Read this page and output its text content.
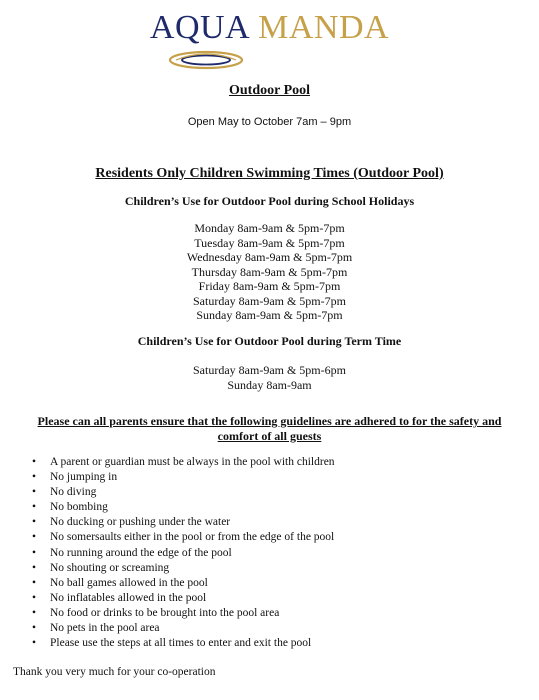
AQUA MANDA
Outdoor Pool
Open May to October 7am – 9pm
Residents Only Children Swimming Times (Outdoor Pool)
Children’s Use for Outdoor Pool during School Holidays
Monday 8am-9am & 5pm-7pm
Tuesday 8am-9am & 5pm-7pm
Wednesday 8am-9am & 5pm-7pm
Thursday 8am-9am & 5pm-7pm
Friday 8am-9am & 5pm-7pm
Saturday 8am-9am & 5pm-7pm
Sunday 8am-9am & 5pm-7pm
Children’s Use for Outdoor Pool during Term Time
Saturday 8am-9am & 5pm-6pm
Sunday 8am-9am
Please can all parents ensure that the following guidelines are adhered to for the safety and comfort of all guests
• A parent or guardian must be always in the pool with children
• No jumping in
• No diving
• No bombing
• No ducking or pushing under the water
• No somersaults either in the pool or from the edge of the pool
• No running around the edge of the pool
• No shouting or screaming
• No ball games allowed in the pool
• No inflatables allowed in the pool
• No food or drinks to be brought into the pool area
• No pets in the pool area
• Please use the steps at all times to enter and exit the pool
Thank you very much for your co-operation
